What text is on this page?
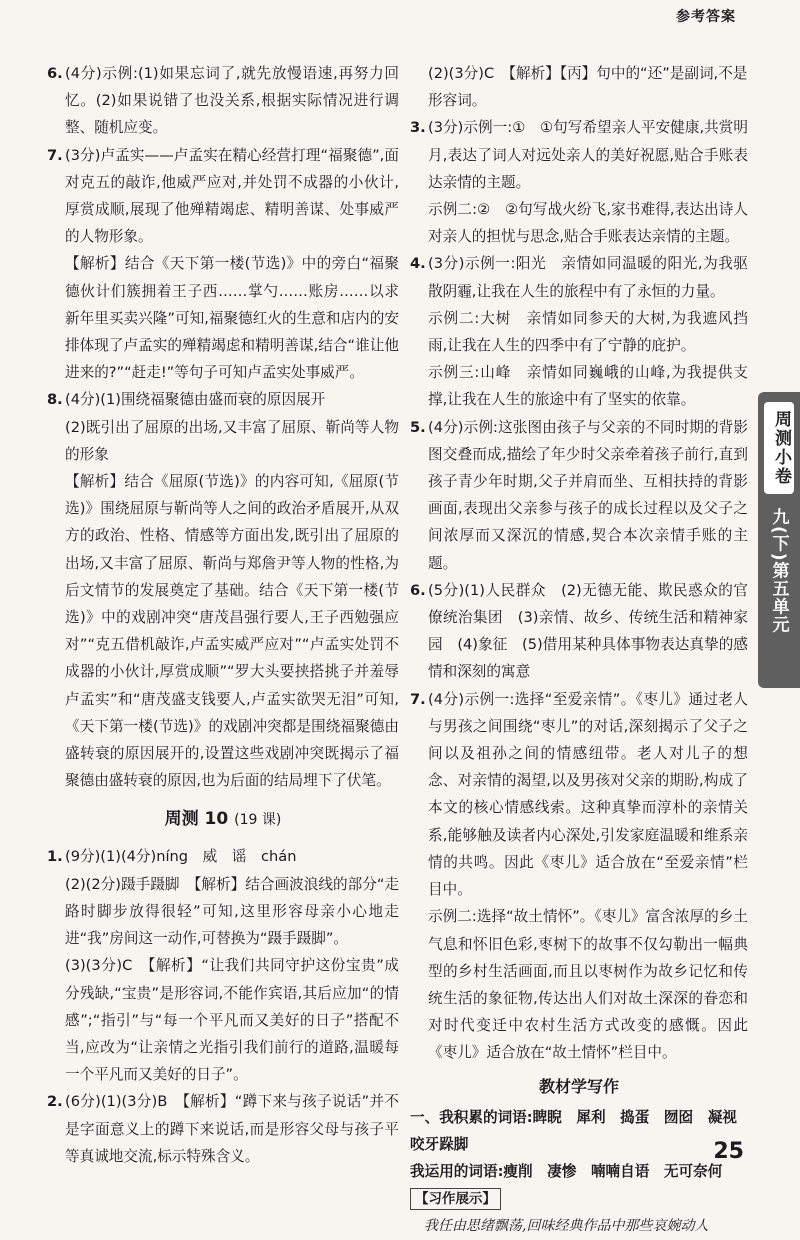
参考答案
6. (4分)示例:(1)如果忘词了,就先放慢语速,再努力回忆。(2)如果说错了也没关系,根据实际情况进行调整、随机应变。

7. (3分)卢孟实——卢孟实在精心经营打理“福聚德”,面对克五的敲诈,他威严应对,并处罚不成器的小伙计,厚赏成顺,展现了他殚精竭虑、精明善谋、处事威严的人物形象。

【解析】结合《天下第一楼(节选)》中的旁白“福聚德伙计们簇拥着王子西……掌勺……账房……以求新年里买卖兴隆”可知,福聚德红火的生意和店内的安排体现了卢孟实的殚精竭虑和精明善谋,结合“谁让他进来的?”“赶走!”等句子可知卢孟实处事威严。

8. (4分)(1)围绕福聚德由盛而衰的原因展开

(2)既引出了屈原的出场,又丰富了屈原、靳尚等人物的形象

【解析】结合《屈原(节选)》的内容可知,《屈原(节选)》围绕屈原与靳尚等人之间的政治矛盾展开,从双方的政治、性格、情感等方面出发,既引出了屈原的出场,又丰富了屈原、靳尚与郑詹尹等人物的性格,为后文情节的发展奠定了基础。结合《天下第一楼(节选)》中的戏剧冲突“唐茂昌强行要人,王子西勉强应对”“克五借机敲诈,卢孟实威严应对”“卢孟实处罚不成器的小伙计,厚赏成顺”“罗大头要挟搭挑子并羞辱卢孟实”和“唐茂盛支钱要人,卢孟实欲哭无泪”可知,《天下第一楼(节选)》的戏剧冲突都是围绕福聚德由盛转衰的原因展开的,设置这些戏剧冲突既揭示了福聚德由盛转衰的原因,也为后面的结局埋下了伏笔。

周测 10 (19 课)
1. (9分)(1)(4分)níng　威　谣　chán

(2)(2分)蹑手蹑脚　【解析】结合画波浪线的部分“走路时脚步放得很轻”可知,这里形容母亲小心地走进“我”房间这一动作,可替换为“蹑手蹑脚”。

(3)(3分)C　【解析】“让我们共同守护这份宝贵”成分残缺,“宝贵”是形容词,不能作宾语,其后应加“的情感”;“指引”与“每一个平凡而又美好的日子”搭配不当,应改为“让亲情之光指引我们前行的道路,温暖每一个平凡而又美好的日子”。

2. (6分)(1)(3分)B　【解析】“蹲下来与孩子说话”并不是字面意义上的蹲下来说话,而是形容父母与孩子平等真诚地交流,标示特殊含义。

(2)(3分)C　【解析】【丙】句中的“还”是副词,不是形容词。

3. (3分)示例一:①　①句写希望亲人平安健康,共赏明月,表达了词人对远处亲人的美好祝愿,贴合手账表达亲情的主题。

示例二:②　②句写战火纷飞,家书难得,表达出诗人对亲人的担忧与思念,贴合手账表达亲情的主题。

4. (3分)示例一:阳光　亲情如同温暖的阳光,为我驱散阴霾,让我在人生的旅程中有了永恒的力量。

示例二:大树　亲情如同参天的大树,为我遮风挡雨,让我在人生的四季中有了宁静的庇护。

示例三:山峰　亲情如同巍峨的山峰,为我提供支撑,让我在人生的旅途中有了坚实的依靠。

5. (4分)示例:这张图由孩子与父亲的不同时期的背影图交叠而成,描绘了年少时父亲牵着孩子前行,直到孩子青少年时期,父子并肩而坐、互相扶持的背影画面,表现出父亲参与孩子的成长过程以及父子之间浓厚而又深沉的情感,契合本次亲情手账的主题。

6. (5分)(1)人民群众　(2)无德无能、欺民惑众的官僚统治集团　(3)亲情、故乡、传统生活和精神家园　(4)象征　(5)借用某种具体事物表达真挚的感情和深刻的寓意

7. (4分)示例一:选择“至爱亲情”。《枣儿》通过老人与男孩之间围绕“枣儿”的对话,深刻揭示了父子之间以及祖孙之间的情感纽带。老人对儿子的想念、对亲情的渴望,以及男孩对父亲的期盼,构成了本文的核心情感线索。这种真挚而淳朴的亲情关系,能够触及读者内心深处,引发家庭温暖和维系亲情的共鸣。因此《枣儿》适合放在“至爱亲情”栏目中。

示例二:选择“故土情怀”。《枣儿》富含浓厚的乡土气息和怀旧色彩,枣树下的故事不仅勾勒出一幅典型的乡村生活画面,而且以枣树作为故乡记忆和传统生活的象征物,传达出人们对故土深深的眷恋和对时代变迁中农村生活方式改变的感慨。因此《枣儿》适合放在“故土情怀”栏目中。

教材学写作

一、我积累的词语:睥睨　犀利　捣蛋　囫囵　凝视　咬牙跺脚

我运用的词语:瘦削　凄惨　喃喃自语　无可奈何

【习作展示】

我任由思绪飘荡,回味经典作品中那些哀婉动人

周测小卷
九(下)第五单元
25
